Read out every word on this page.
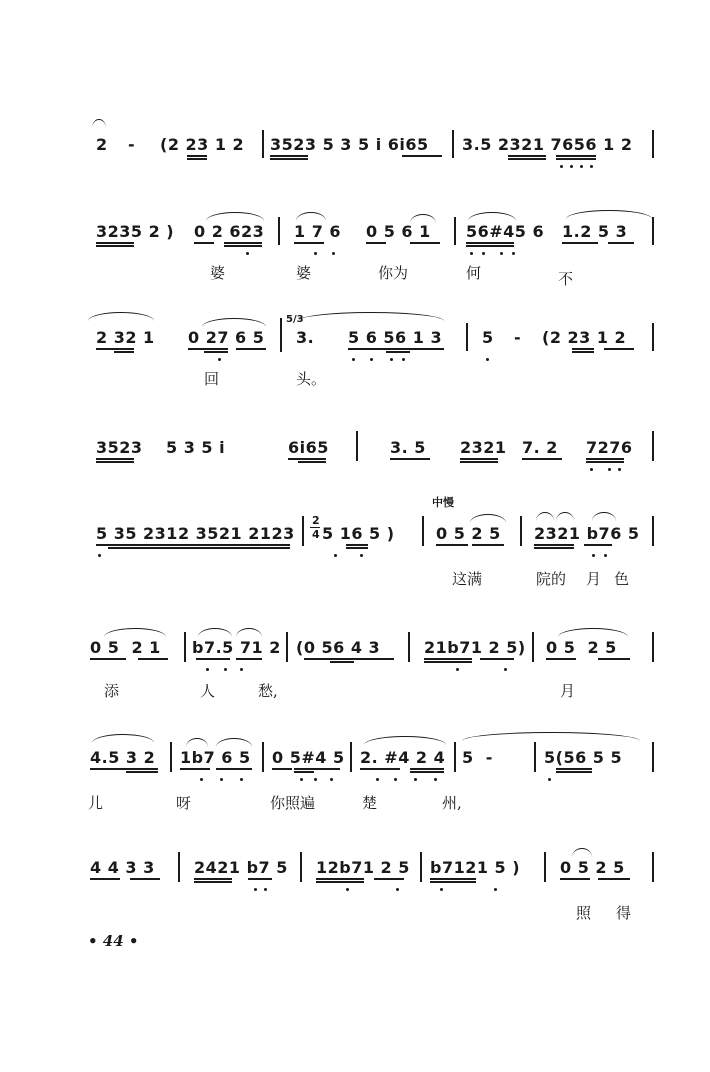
2 - (2 23 1 2 3523 5 3 5 i 6i65 3.5 2321 7656 1 2
3235 2 ) 0 2 623 1 7 6 0 5 6 1 56#45 6 1.2 5 3
婆	婆	你为	何	不
2 32 1 0 27 6 5
5/3
3. 5 6 56 1 3 5 - (2 23 1 2
回	头。
3523 5 3 5 i	6i65	3. 5 2321 7. 2 7276
中慢
5 35 2312 3521 2123
2
4 5 16 5 )	0 5 2 5 2321 b76 5
这满	院的 月 色
0 5  2 1 b7.5 71 2 (0 56 4 3	21b71 2 5) 0 5  2 5
添	人	愁,	月
4.5 3 2 1b7 6 5 0 5#4 5 2. #4 2 4 5  -	5(56 5 5
儿	呀	你照遍	楚	州,
4 4 3 3 2421 b7 5 12b71 2 5 b7121 5 ) 0 5 2 5
照 得
• 44 •
